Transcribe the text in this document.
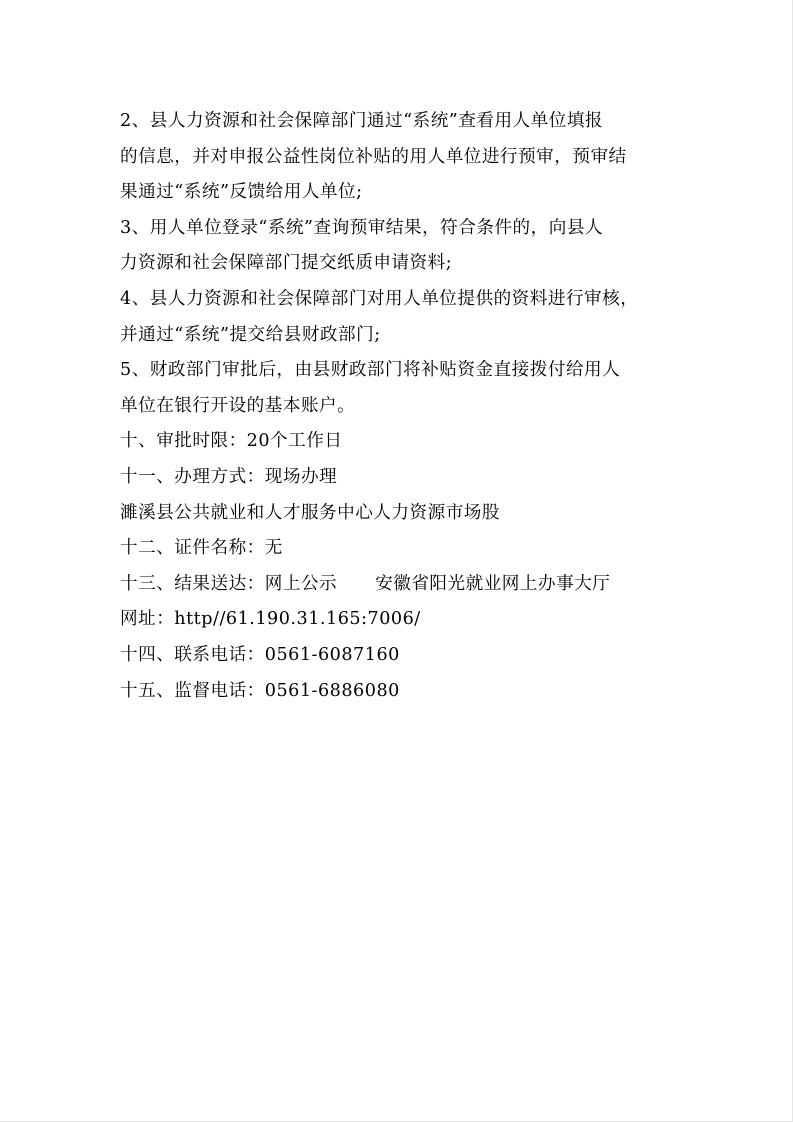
2、县人力资源和社会保障部门通过“系统”查看用人单位填报
的信息，并对申报公益性岗位补贴的用人单位进行预审，预审结
果通过“系统”反馈给用人单位;
3、用人单位登录“系统”查询预审结果，符合条件的，向县人
力资源和社会保障部门提交纸质申请资料;
4、县人力资源和社会保障部门对用人单位提供的资料进行审核，
并通过“系统”提交给县财政部门;
5、财政部门审批后，由县财政部门将补贴资金直接拨付给用人
单位在银行开设的基本账户。
十、审批时限：20个工作日
十一、办理方式：现场办理
濉溪县公共就业和人才服务中心人力资源市场股
十二、证件名称：无
十三、结果送达：网上公示 安徽省阳光就业网上办事大厅
网址：http//61.190.31.165:7006/
十四、联系电话：0561-6087160
十五、监督电话：0561-6886080
